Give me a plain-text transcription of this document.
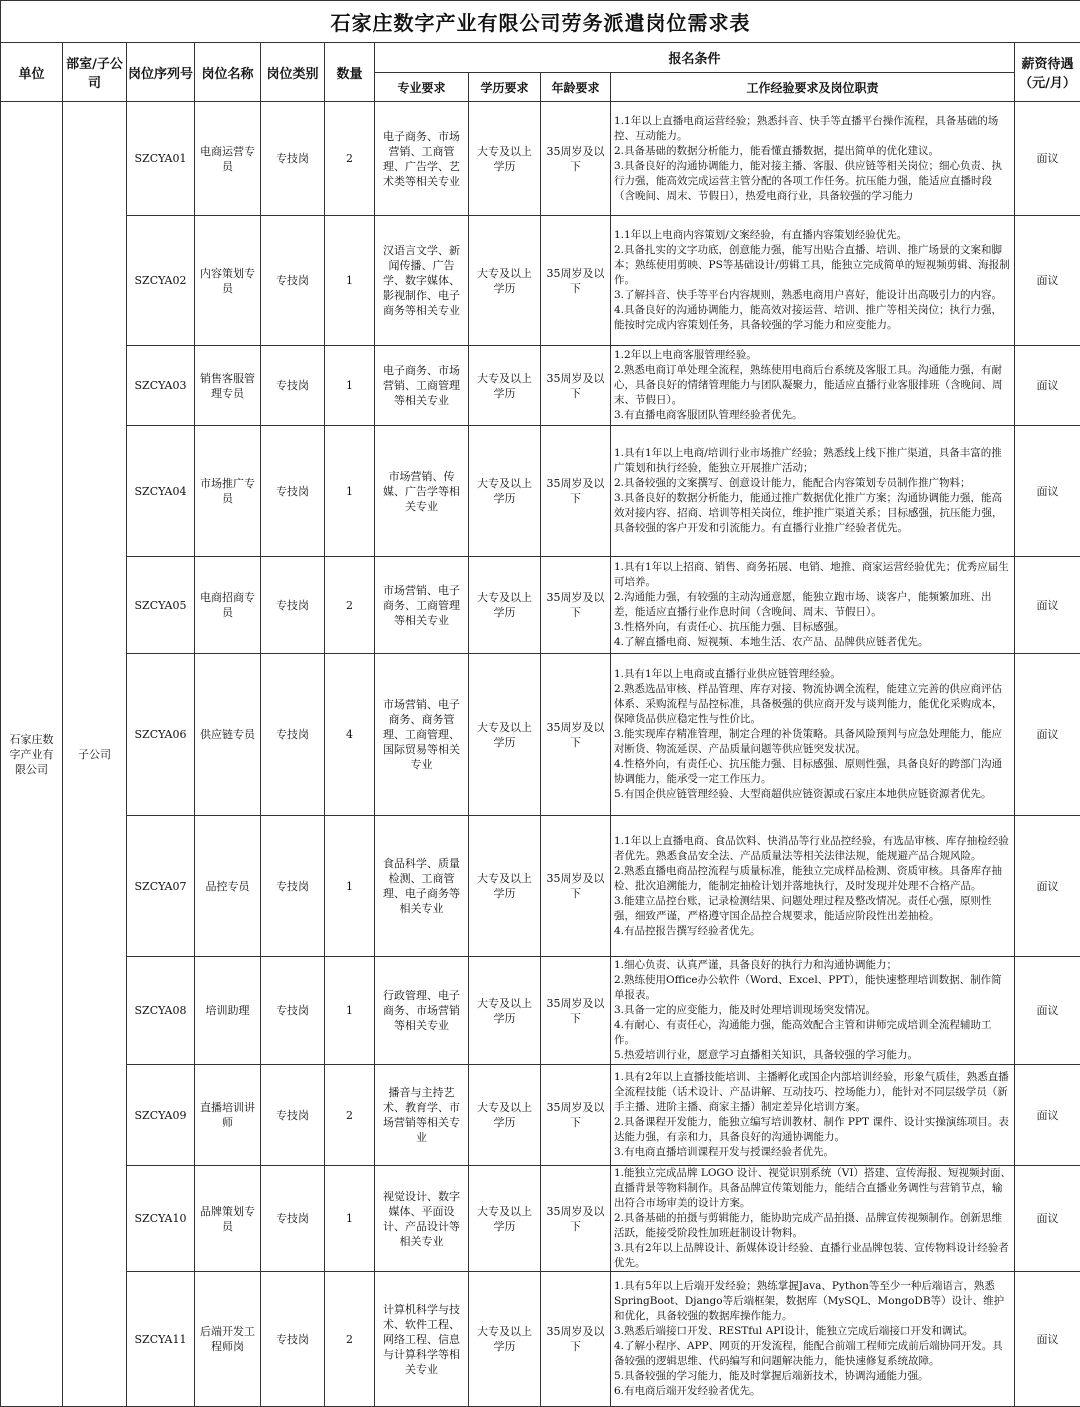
石家庄数字产业有限公司劳务派遣岗位需求表										
单位	部室/子公司	岗位序列号	岗位名称	岗位类别	数量	报名条件				薪资待遇（元/月）
						专业要求	学历要求	年龄要求	工作经验要求及岗位职责	
石家庄数字产业有限公司	子公司	SZCYA01	电商运营专员	专技岗	2	电子商务、市场营销、工商管理、广告学、艺术类等相关专业	大专及以上学历	35周岁及以下	1.1年以上直播电商运营经验；熟悉抖音、快手等直播平台操作流程，具备基础的场控、互动能力。
2.具备基础的数据分析能力，能看懂直播数据，提出简单的优化建议。
3.具备良好的沟通协调能力，能对接主播、客服、供应链等相关岗位；细心负责、执行力强，能高效完成运营主管分配的各项工作任务。抗压能力强，能适应直播时段（含晚间、周末、节假日），热爱电商行业，具备较强的学习能力	面议
		SZCYA02	内容策划专员	专技岗	1	汉语言文学、新闻传播、广告学、数字媒体、影视制作、电子商务等相关专业	大专及以上学历	35周岁及以下	1.1年以上电商内容策划/文案经验，有直播内容策划经验优先。
2.具备扎实的文字功底，创意能力强，能写出贴合直播、培训、推广场景的文案和脚本；熟练使用剪映、PS等基础设计/剪辑工具，能独立完成简单的短视频剪辑、海报制作。
3.了解抖音、快手等平台内容规则，熟悉电商用户喜好，能设计出高吸引力的内容。
4.具备良好的沟通协调能力，能高效对接运营、培训、推广等相关岗位；执行力强，能按时完成内容策划任务，具备较强的学习能力和应变能力。	面议
		SZCYA03	销售客服管理专员	专技岗	1	电子商务、市场营销、工商管理等相关专业	大专及以上学历	35周岁及以下	1.2年以上电商客服管理经验。
2.熟悉电商订单处理全流程，熟练使用电商后台系统及客服工具。沟通能力强，有耐心，具备良好的情绪管理能力与团队凝聚力，能适应直播行业客服排班（含晚间、周末、节假日）。
3.有直播电商客服团队管理经验者优先。	面议
		SZCYA04	市场推广专员	专技岗	1	市场营销、传媒、广告学等相关专业	大专及以上学历	35周岁及以下	1.具有1年以上电商/培训行业市场推广经验；熟悉线上线下推广渠道，具备丰富的推广策划和执行经验，能独立开展推广活动；
2.具备较强的文案撰写、创意设计能力，能配合内容策划专员制作推广物料；
3.具备良好的数据分析能力，能通过推广数据优化推广方案；沟通协调能力强，能高效对接内容、招商、培训等相关岗位，维护推广渠道关系；目标感强，抗压能力强，具备较强的客户开发和引流能力。有直播行业推广经验者优先。	面议
		SZCYA05	电商招商专员	专技岗	2	市场营销、电子商务、工商管理等相关专业	大专及以上学历	35周岁及以下	1.具有1年以上招商、销售、商务拓展、电销、地推、商家运营经验优先；优秀应届生可培养。
2.沟通能力强，有较强的主动沟通意愿，能独立跑市场、谈客户，能频繁加班、出差，能适应直播行业作息时间（含晚间、周末、节假日）。
3.性格外向，有责任心、抗压能力强、目标感强。
4.了解直播电商、短视频、本地生活、农产品、品牌供应链者优先。	面议
		SZCYA06	供应链专员	专技岗	4	市场营销、电子商务、商务管理、工商管理、国际贸易等相关专业	大专及以上学历	35周岁及以下	1.具有1年以上电商或直播行业供应链管理经验。
2.熟悉选品审核、样品管理、库存对接、物流协调全流程，能建立完善的供应商评估体系、采购流程与品控标准，具备极强的供应商开发与谈判能力，能优化采购成本，保障货品供应稳定性与性价比。
3.能实现库存精准管理，制定合理的补货策略。具备风险预判与应急处理能力，能应对断货、物流延误、产品质量问题等供应链突发状况。
4.性格外向，有责任心、抗压能力强、目标感强、原则性强，具备良好的跨部门沟通协调能力，能承受一定工作压力。
5.有国企供应链管理经验、大型商超供应链资源或石家庄本地供应链资源者优先。	面议
		SZCYA07	品控专员	专技岗	1	食品科学、质量检测、工商管理、电子商务等相关专业	大专及以上学历	35周岁及以下	1.1年以上直播电商、食品饮料、快消品等行业品控经验，有选品审核、库存抽检经验者优先。熟悉食品安全法、产品质量法等相关法律法规，能规避产品合规风险。
2.熟悉直播电商品控流程与质量标准，能独立完成样品检测、资质审核。具备库存抽检、批次追溯能力，能制定抽检计划并落地执行，及时发现并处理不合格产品。
3.能建立品控台账，记录检测结果、问题处理过程及整改情况。责任心强，原则性强，细致严谨，严格遵守国企品控合规要求，能适应阶段性出差抽检。
4.有品控报告撰写经验者优先。	面议
		SZCYA08	培训助理	专技岗	1	行政管理、电子商务、市场营销等相关专业	大专及以上学历	35周岁及以下	1.细心负责、认真严谨，具备良好的执行力和沟通协调能力；
2.熟练使用Office办公软件（Word、Excel、PPT），能快速整理培训数据、制作简单报表。
3.具备一定的应变能力，能及时处理培训现场突发情况。
4.有耐心、有责任心，沟通能力强，能高效配合主管和讲师完成培训全流程辅助工作。
5.热爱培训行业，愿意学习直播相关知识，具备较强的学习能力。	面议
		SZCYA09	直播培训讲师	专技岗	2	播音与主持艺术、教育学、市场营销等相关专业	大专及以上学历	35周岁及以下	1.具有2年以上直播技能培训、主播孵化或国企内部培训经验，形象气质佳，熟悉直播全流程技能（话术设计、产品讲解、互动技巧、控场能力），能针对不同层级学员（新手主播、进阶主播、商家主播）制定差异化培训方案。
2.具备课程开发能力，能独立编写培训教材、制作 PPT 课件、设计实操演练项目。表达能力强，有亲和力，具备良好的沟通协调能力。
3.有电商直播培训课程开发与授课经验者优先。	面议
		SZCYA10	品牌策划专员	专技岗	1	视觉设计、数字媒体、平面设计、产品设计等相关专业	大专及以上学历	35周岁及以下	1.能独立完成品牌 LOGO 设计、视觉识别系统（VI）搭建、宣传海报、短视频封面、直播背景等物料制作。具备品牌宣传策划能力，能结合直播业务调性与营销节点，输出符合市场审美的设计方案。
2.具备基础的拍摄与剪辑能力，能协助完成产品拍摄、品牌宣传视频制作。创新思维活跃，能接受阶段性加班赶制设计物料。
3.具有2年以上品牌设计、新媒体设计经验、直播行业品牌包装、宣传物料设计经验者优先。	面议
		SZCYA11	后端开发工程师岗	专技岗	2	计算机科学与技术、软件工程、网络工程、信息与计算科学等相关专业	大专及以上学历	35周岁及以下	1.具有5年以上后端开发经验；熟练掌握Java、Python等至少一种后端语言，熟悉SpringBoot、Django等后端框架，数据库（MySQL、MongoDB等）设计、维护和优化，具备较强的数据库操作能力。
3.熟悉后端接口开发、RESTful API设计，能独立完成后端接口开发和调试。
4.了解小程序、APP、网页的开发流程，能配合前端工程师完成前后端协同开发。具备较强的逻辑思维、代码编写和问题解决能力，能快速修复系统故障。
5.具备较强的学习能力，能及时掌握后端新技术，协调沟通能力强。
6.有电商后端开发经验者优先。	面议
